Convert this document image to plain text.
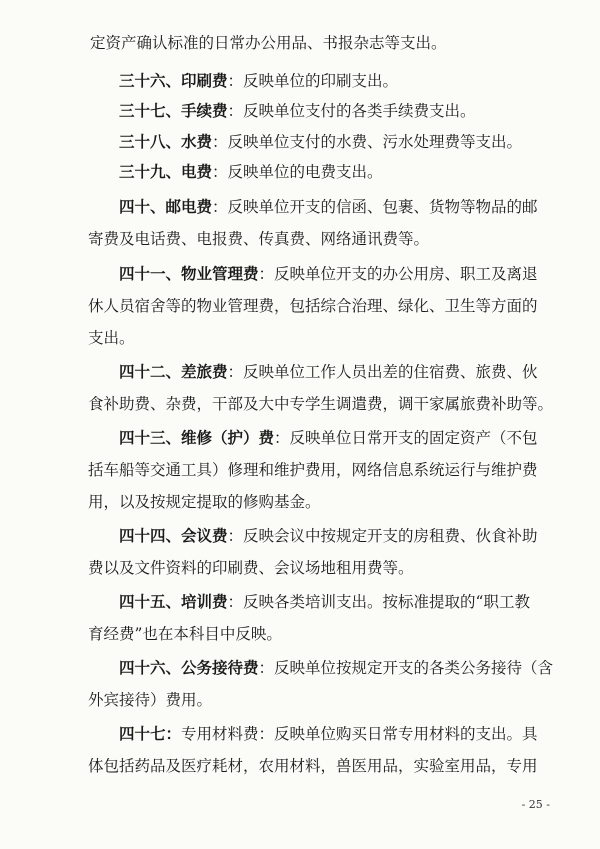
定资产确认标准的日常办公用品、书报杂志等支出。
三十六、印刷费：反映单位的印刷支出。
三十七、手续费：反映单位支付的各类手续费支出。
三十八、水费：反映单位支付的水费、污水处理费等支出。
三十九、电费：反映单位的电费支出。
四十、邮电费：反映单位开支的信函、包裹、货物等物品的邮
寄费及电话费、电报费、传真费、网络通讯费等。
四十一、物业管理费：反映单位开支的办公用房、职工及离退
休人员宿舍等的物业管理费，包括综合治理、绿化、卫生等方面的
支出。
四十二、差旅费：反映单位工作人员出差的住宿费、旅费、伙
食补助费、杂费，干部及大中专学生调遣费，调干家属旅费补助等。
四十三、维修（护）费：反映单位日常开支的固定资产（不包
括车船等交通工具）修理和维护费用，网络信息系统运行与维护费
用，以及按规定提取的修购基金。
四十四、会议费：反映会议中按规定开支的房租费、伙食补助
费以及文件资料的印刷费、会议场地租用费等。
四十五、培训费：反映各类培训支出。按标准提取的“职工教
育经费”也在本科目中反映。
四十六、公务接待费：反映单位按规定开支的各类公务接待（含
外宾接待）费用。
四十七：专用材料费：反映单位购买日常专用材料的支出。具
体包括药品及医疗耗材，农用材料，兽医用品，实验室用品，专用
- 25 -
